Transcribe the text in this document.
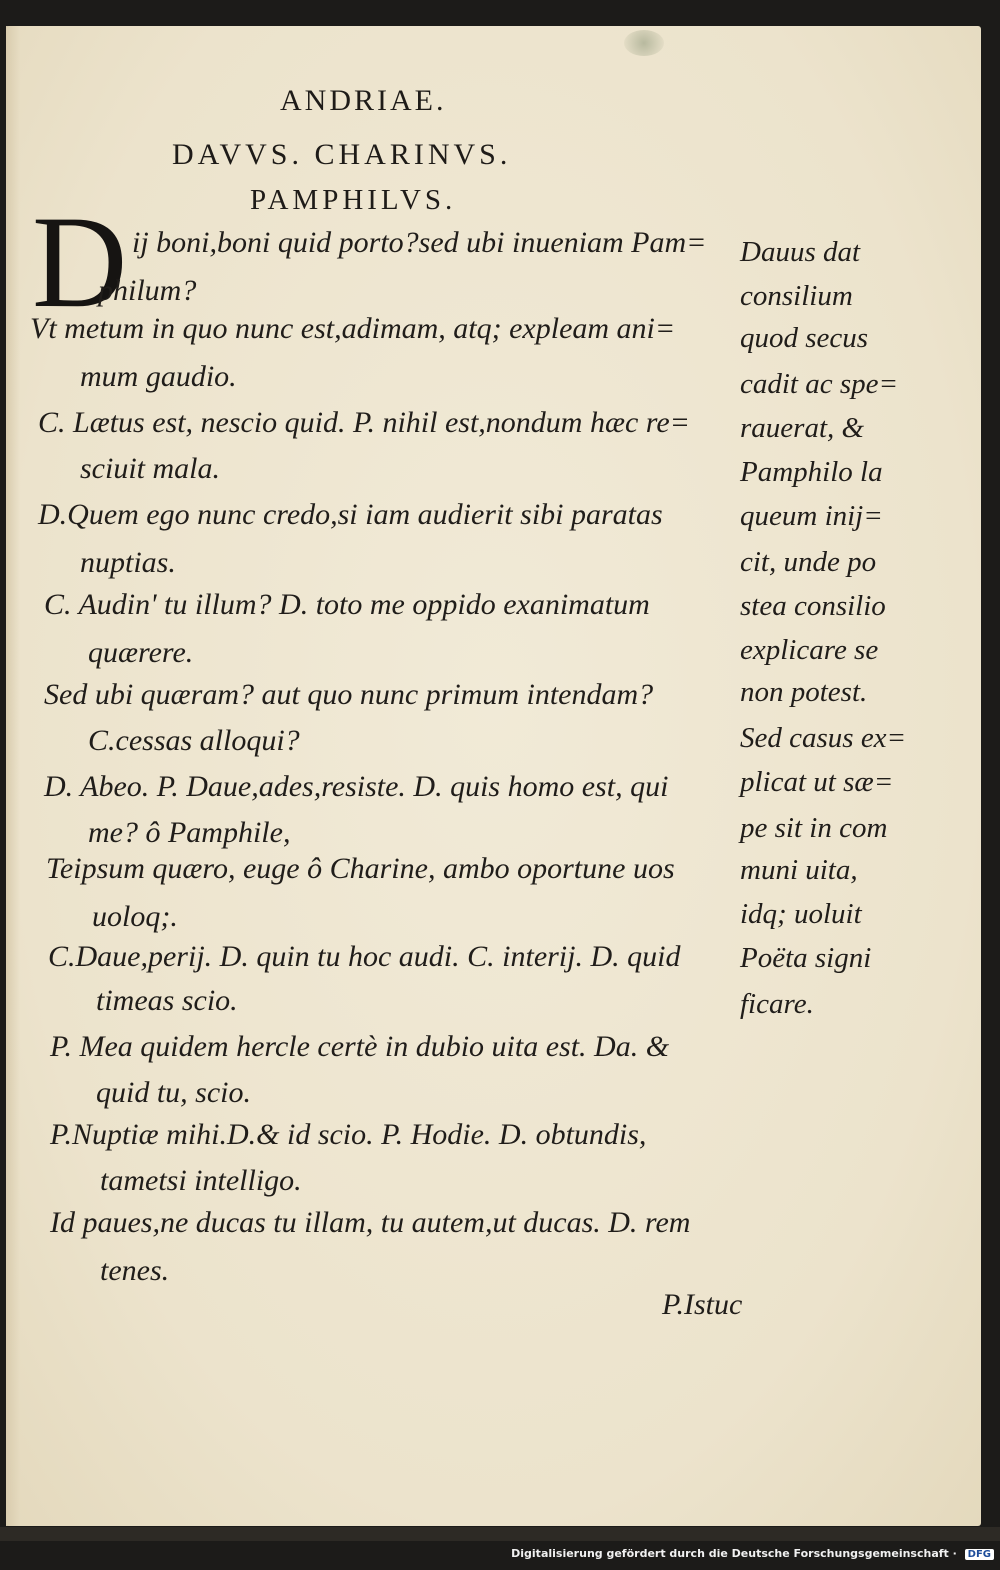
ANDRIAE.
DAVVS. CHARINVS.
PAMPHILVS.
D ij boni,boni quid porto?sed ubi inueniam Pam=
philum?
Vt metum in quo nunc est,adimam, atq; expleam ani=
mum gaudio.
C. Lætus est, nescio quid. P. nihil est,nondum hæc re=
sciuit mala.
D.Quem ego nunc credo,si iam audierit sibi paratas
nuptias.
C. Audin' tu illum? D. toto me oppido exanimatum
quærere.
Sed ubi quæram? aut quo nunc primum intendam?
C.cessas alloqui?
D. Abeo. P. Daue,ades,resiste. D. quis homo est, qui
me? ô Pamphile,
Teipsum quæro, euge ô Charine, ambo oportune uos
uoloq;.
C.Daue,perij. D. quin tu hoc audi. C. interij. D. quid
timeas scio.
P. Mea quidem hercle certè in dubio uita est. Da. &
quid tu, scio.
P.Nuptiæ mihi.D.& id scio. P. Hodie. D. obtundis,
tametsi intelligo.
Id paues,ne ducas tu illam, tu autem,ut ducas. D. rem
tenes.
Dauus dat
consilium
quod secus
cadit ac spe=
rauerat, &
Pamphilo la
queum inij=
cit, unde po
stea consilio
explicare se
non potest.
Sed casus ex=
plicat ut sæ=
pe sit in com
muni uita,
idq; uoluit
Poëta signi
ficare.
P.Istuc
Digitalisierung gefördert durch die Deutsche Forschungsgemeinschaft · DFG
